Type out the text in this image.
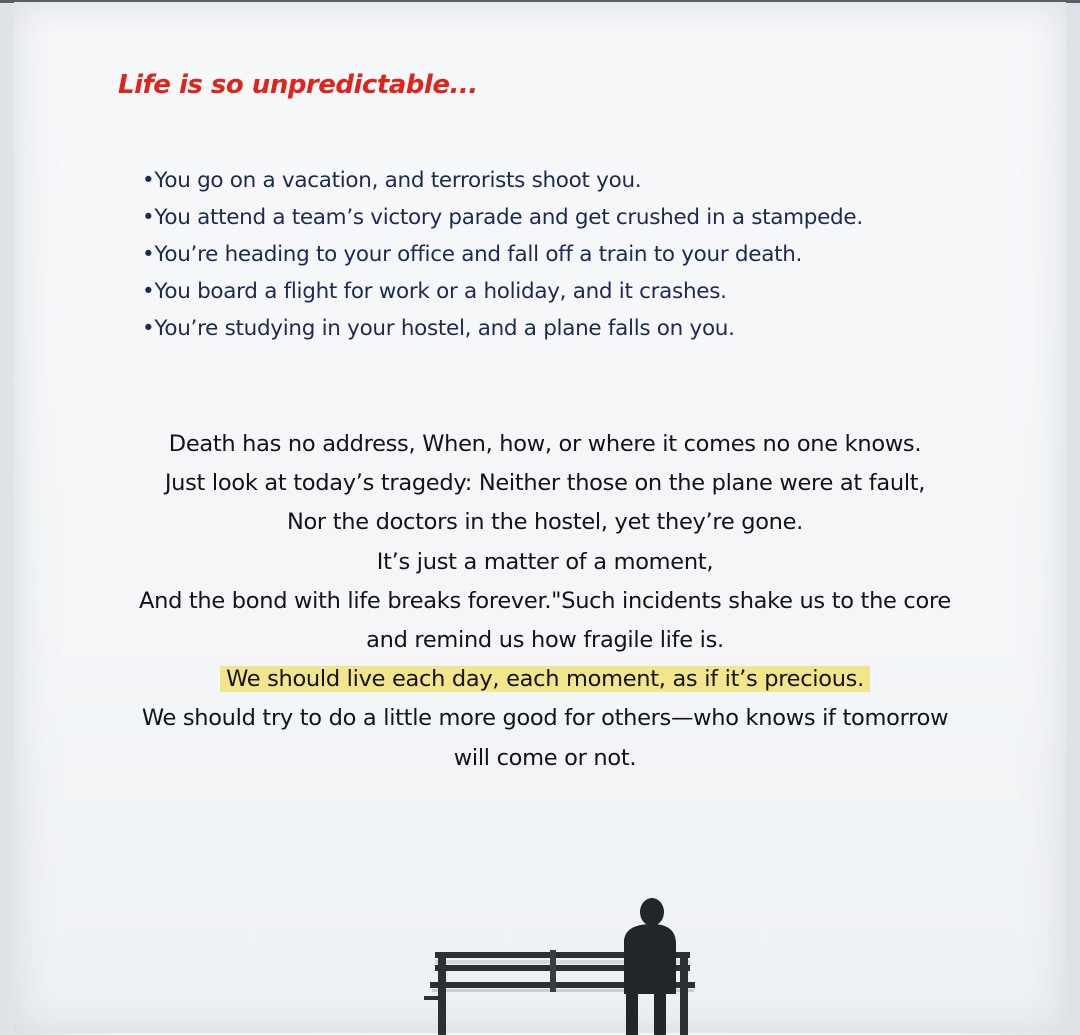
Life is so unpredictable...
•You go on a vacation, and terrorists shoot you.
•You attend a team’s victory parade and get crushed in a stampede.
•You’re heading to your office and fall off a train to your death.
•You board a flight for work or a holiday, and it crashes.
•You’re studying in your hostel, and a plane falls on you.

Death has no address, When, how, or where it comes no one knows.

Just look at today’s tragedy: Neither those on the plane were at fault,

Nor the doctors in the hostel, yet they’re gone.

It’s just a matter of a moment,

And the bond with life breaks forever."Such incidents shake us to the core and remind us how fragile life is.

We should live each day, each moment, as if it’s precious.

We should try to do a little more good for others—who knows if tomorrow will come or not.
